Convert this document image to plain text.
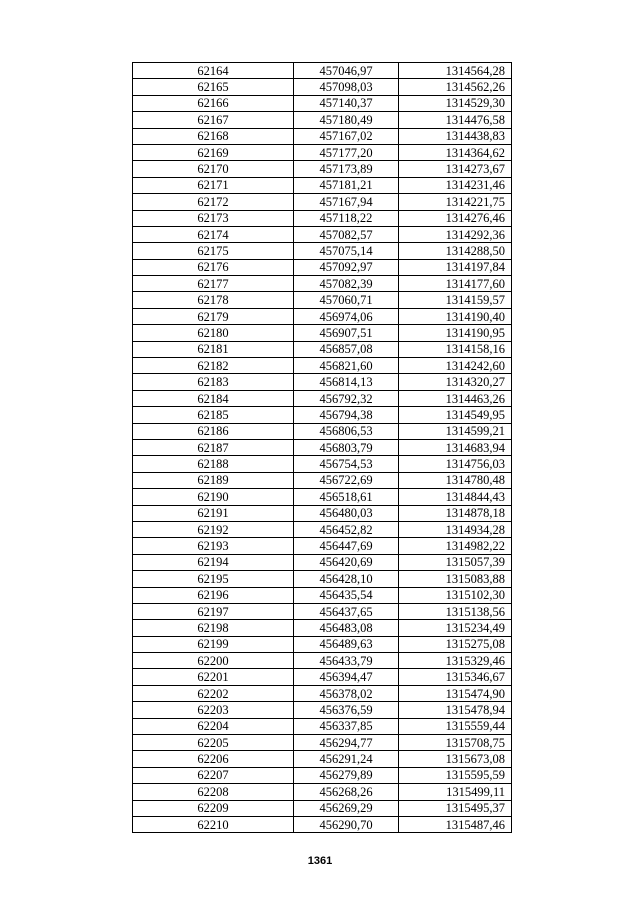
62164	457046,97	1314564,28
62165	457098,03	1314562,26
62166	457140,37	1314529,30
62167	457180,49	1314476,58
62168	457167,02	1314438,83
62169	457177,20	1314364,62
62170	457173,89	1314273,67
62171	457181,21	1314231,46
62172	457167,94	1314221,75
62173	457118,22	1314276,46
62174	457082,57	1314292,36
62175	457075,14	1314288,50
62176	457092,97	1314197,84
62177	457082,39	1314177,60
62178	457060,71	1314159,57
62179	456974,06	1314190,40
62180	456907,51	1314190,95
62181	456857,08	1314158,16
62182	456821,60	1314242,60
62183	456814,13	1314320,27
62184	456792,32	1314463,26
62185	456794,38	1314549,95
62186	456806,53	1314599,21
62187	456803,79	1314683,94
62188	456754,53	1314756,03
62189	456722,69	1314780,48
62190	456518,61	1314844,43
62191	456480,03	1314878,18
62192	456452,82	1314934,28
62193	456447,69	1314982,22
62194	456420,69	1315057,39
62195	456428,10	1315083,88
62196	456435,54	1315102,30
62197	456437,65	1315138,56
62198	456483,08	1315234,49
62199	456489,63	1315275,08
62200	456433,79	1315329,46
62201	456394,47	1315346,67
62202	456378,02	1315474,90
62203	456376,59	1315478,94
62204	456337,85	1315559,44
62205	456294,77	1315708,75
62206	456291,24	1315673,08
62207	456279,89	1315595,59
62208	456268,26	1315499,11
62209	456269,29	1315495,37
62210	456290,70	1315487,46
1361
